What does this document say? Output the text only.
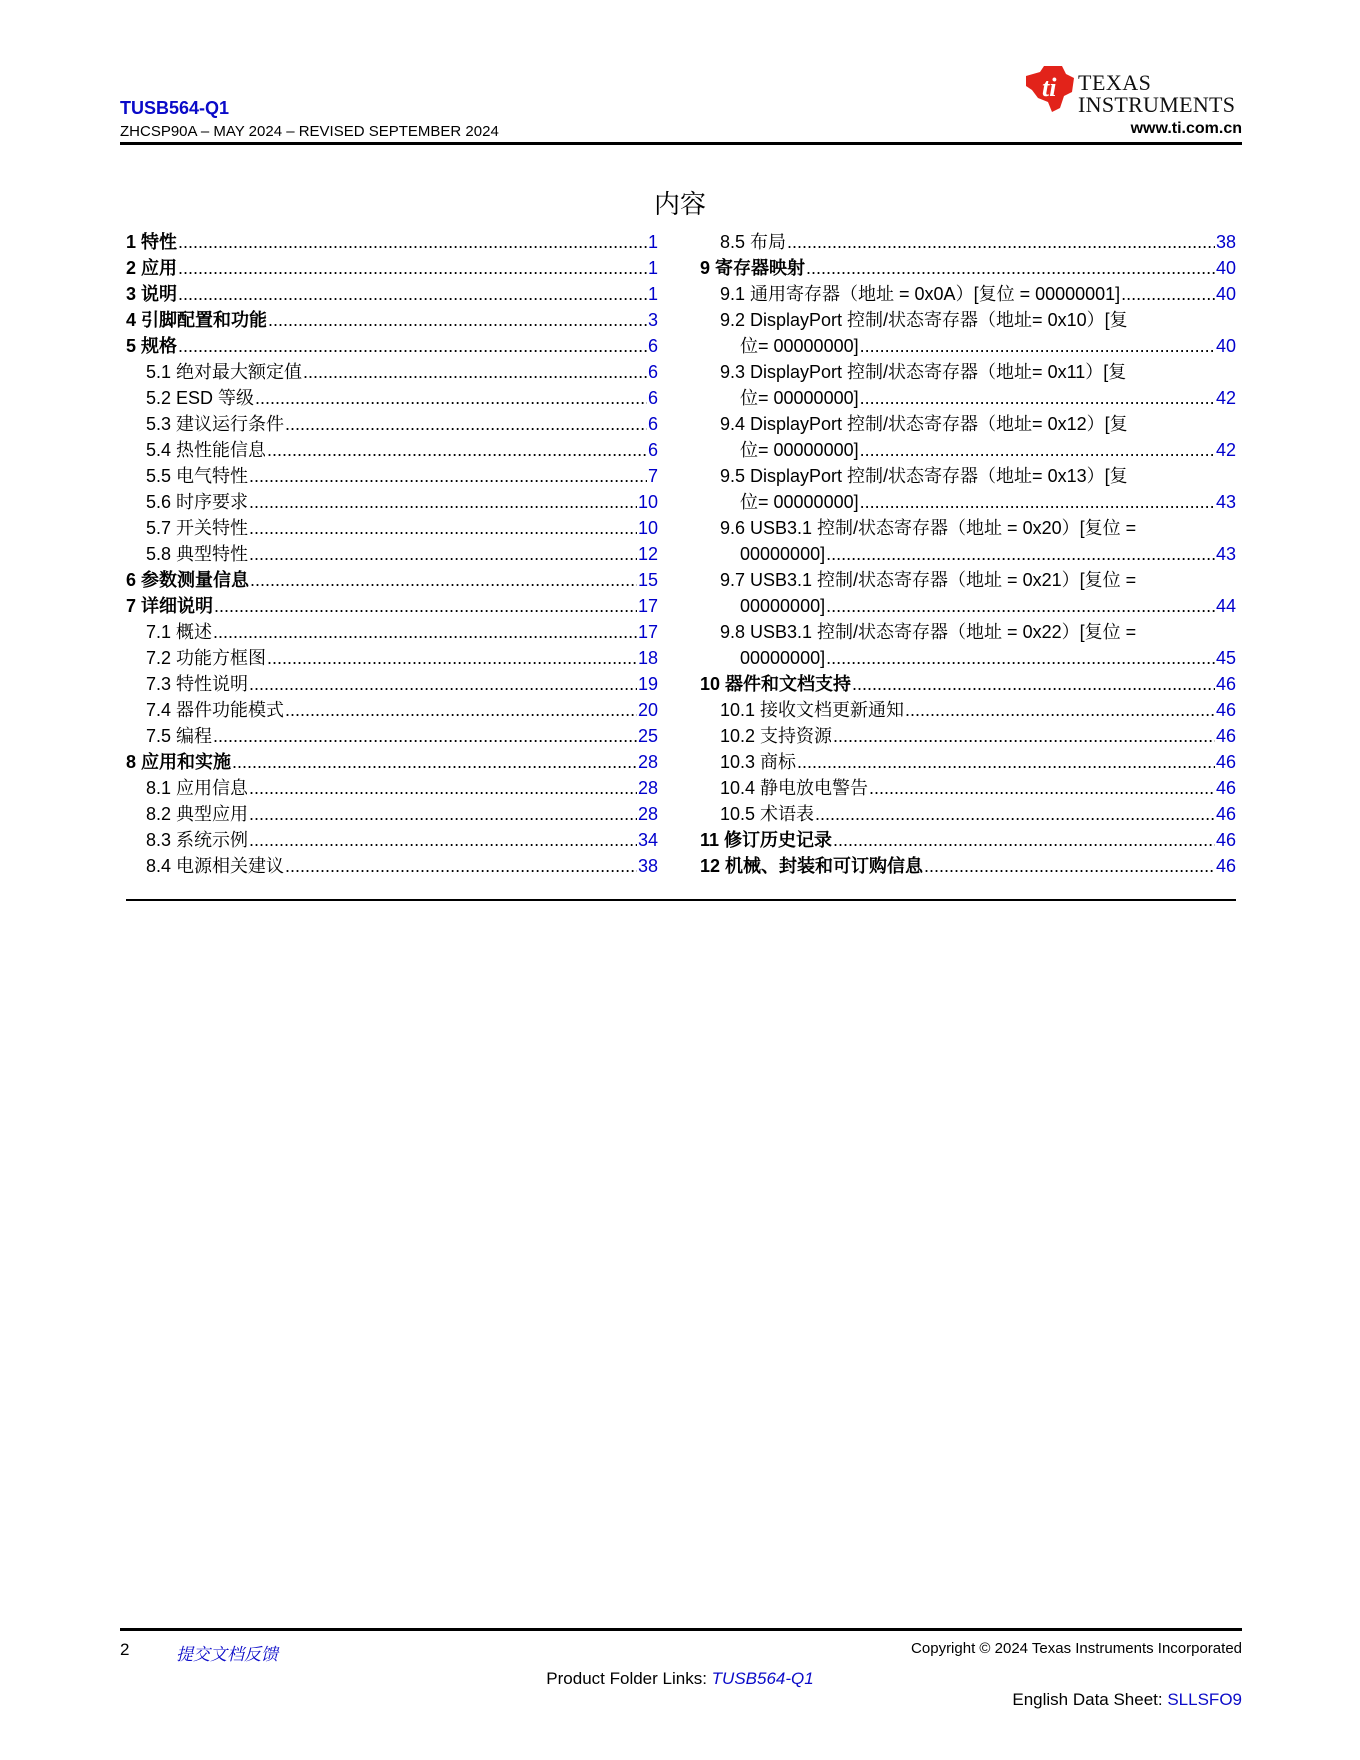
TUSB564-Q1
ZHCSP90A – MAY 2024 – REVISED SEPTEMBER 2024
ti TEXAS
INSTRUMENTS
www.ti.com.cn
内容
1 特性 .....	1
2 应用 .....	1
3 说明 .....	1
4 引脚配置和功能 .....	3
5 规格 .....	6
5.1 绝对最大额定值 .....	6
5.2 ESD 等级 .....	6
5.3 建议运行条件 .....	6
5.4 热性能信息 .....	6
5.5 电气特性 .....	7
5.6 时序要求 .....	10
5.7 开关特性 .....	10
5.8 典型特性 .....	12
6 参数测量信息 .....	15
7 详细说明 .....	17
7.1 概述 .....	17
7.2 功能方框图 .....	18
7.3 特性说明 .....	19
7.4 器件功能模式 .....	20
7.5 编程 .....	25
8 应用和实施 .....	28
8.1 应用信息 .....	28
8.2 典型应用 .....	28
8.3 系统示例 .....	34
8.4 电源相关建议 .....	38
8.5 布局 .....	38
9 寄存器映射 .....	40
9.1 通用寄存器（地址 = 0x0A）[复位 = 00000001] .....	40
9.2 DisplayPort 控制/状态寄存器（地址= 0x10）[复
位= 00000000] .....	40
9.3 DisplayPort 控制/状态寄存器（地址= 0x11）[复
位= 00000000] .....	42
9.4 DisplayPort 控制/状态寄存器（地址= 0x12）[复
位= 00000000] .....	42
9.5 DisplayPort 控制/状态寄存器（地址= 0x13）[复
位= 00000000] .....	43
9.6 USB3.1 控制/状态寄存器（地址 = 0x20）[复位 =
00000000] .....	43
9.7 USB3.1 控制/状态寄存器（地址 = 0x21）[复位 =
00000000] .....	44
9.8 USB3.1 控制/状态寄存器（地址 = 0x22）[复位 =
00000000] .....	45
10 器件和文档支持 .....	46
10.1 接收文档更新通知 .....	46
10.2 支持资源 .....	46
10.3 商标 .....	46
10.4 静电放电警告 .....	46
10.5 术语表 .....	46
11 修订历史记录 .....	46
12 机械、封装和可订购信息 .....	46
2	提交文档反馈	Copyright © 2024 Texas Instruments Incorporated
Product Folder Links: TUSB564-Q1
English Data Sheet: SLLSFO9
